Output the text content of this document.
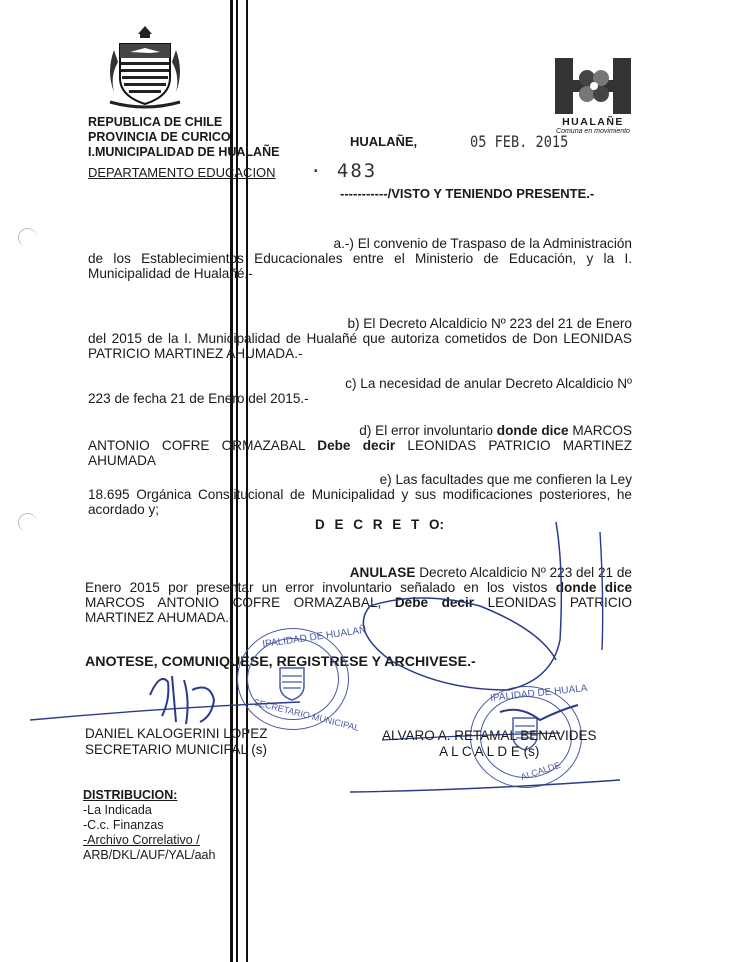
HUALAÑE
Comuna en movimiento
REPUBLICA DE CHILE
PROVINCIA DE CURICO
I.MUNICIPALIDAD DE HUALAÑE
DEPARTAMENTO EDUCACION
HUALAÑE,	05 FEB. 2015
· 483
-----------/VISTO Y TENIENDO PRESENTE.-
a.-) El convenio de Traspaso de la Administración
de los Establecimientos Educacionales entre el Ministerio de Educación, y la I.
Municipalidad de Hualañé.-
b) El Decreto Alcaldicio Nº 223 del 21 de Enero
del 2015 de la I. Municipalidad de Hualañé que autoriza cometidos de Don LEONIDAS
PATRICIO MARTINEZ AHUMADA.-
c) La necesidad de anular Decreto Alcaldicio Nº
223 de fecha 21 de Enero del 2015.-
d) El error involuntario donde dice MARCOS
ANTONIO COFRE ORMAZABAL Debe decir LEONIDAS PATRICIO MARTINEZ
AHUMADA
e) Las facultades que me confieren la Ley
18.695 Orgánica Constitucional de Municipalidad y sus modificaciones posteriores, he
acordado y;
D E C R E T O:
ANULASE Decreto Alcaldicio Nº 223 del 21 de
Enero 2015 por presentar un error involuntario señalado en los vistos donde dice
MARCOS ANTONIO COFRE ORMAZABAL, Debe decir LEONIDAS PATRICIO
MARTINEZ AHUMADA.-
ANOTESE, COMUNIQUESE, REGISTRESE Y ARCHIVESE.-
IPALIDAD DE HUALAÑ
SECRETARIO MUNICIPAL
IPALIDAD DE HUALA
ALCALDE
DANIEL KALOGERINI LOPEZ
SECRETARIO MUNICIPAL (s)
ALVARO A. RETAMAL BENAVIDES
A L C A L D E (s)
DISTRIBUCION:
-La Indicada
-C.c. Finanzas
-Archivo Correlativo /
ARB/DKL/AUF/YAL/aah
